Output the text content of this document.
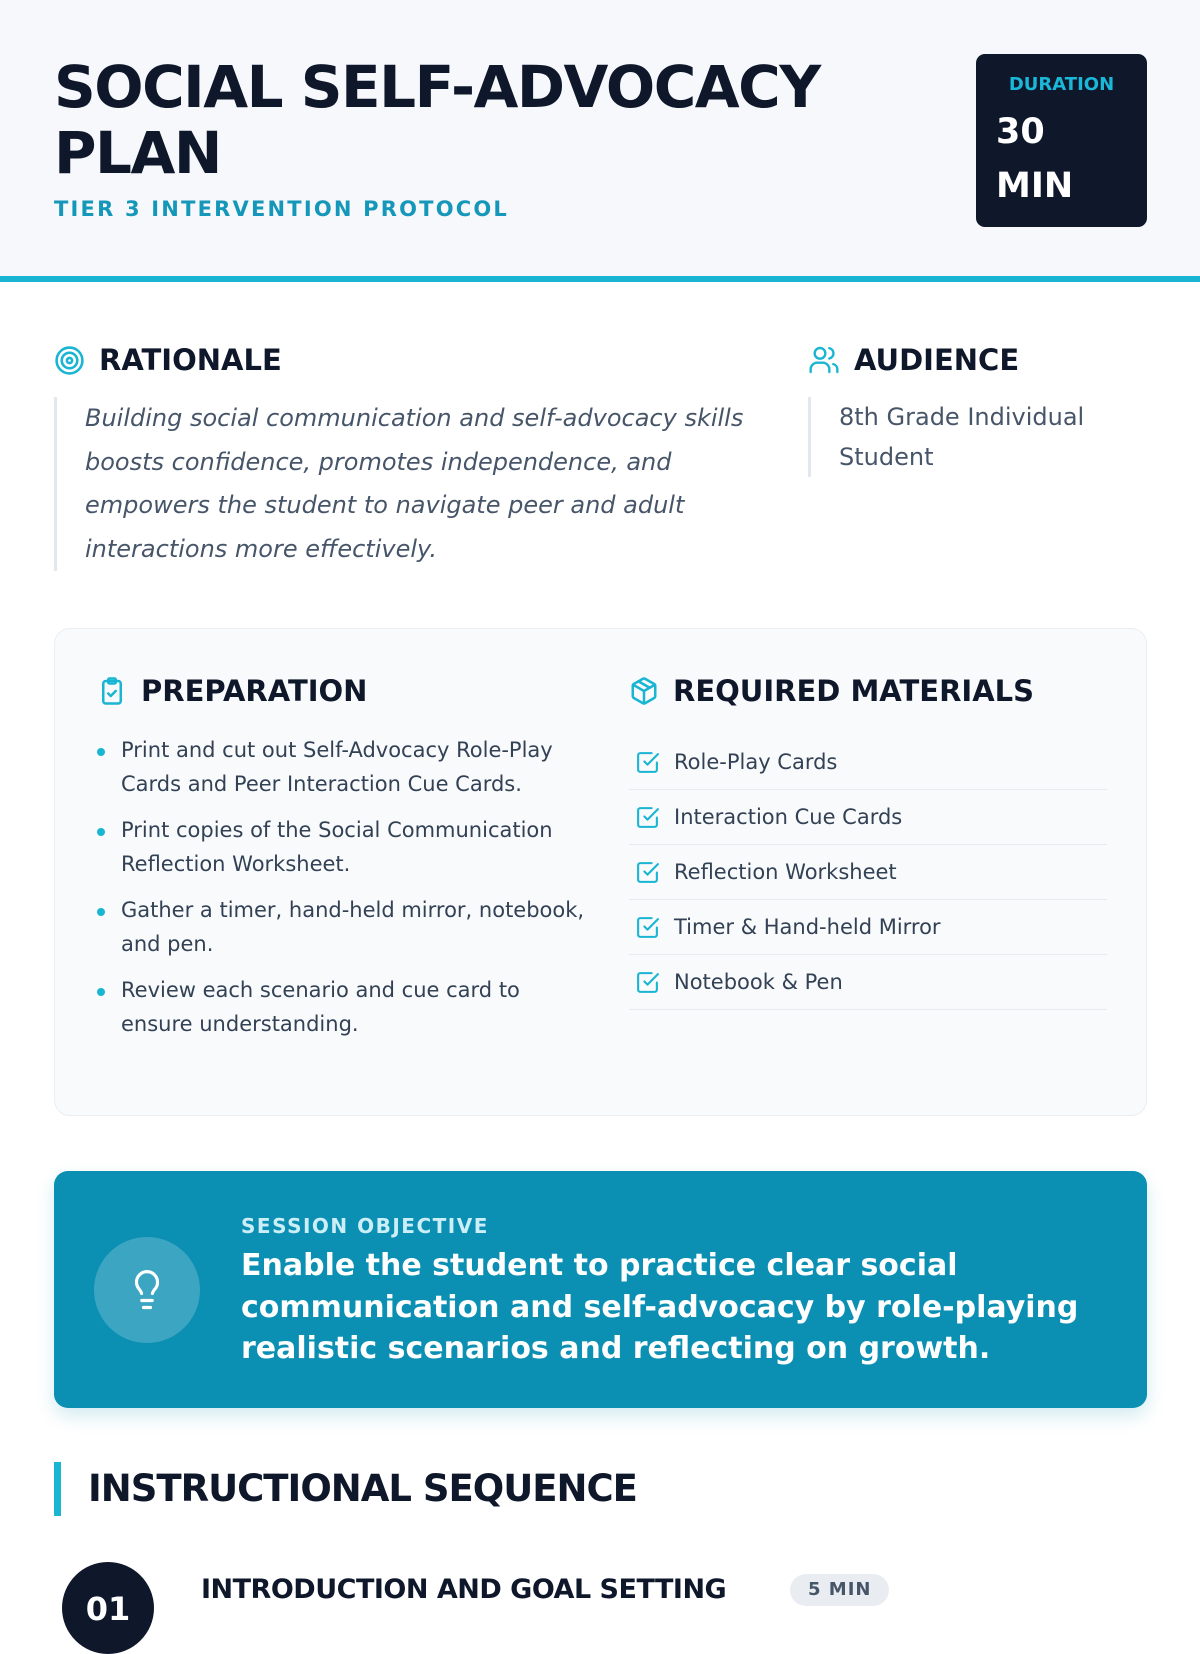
SOCIAL SELF-ADVOCACY PLAN
TIER 3 INTERVENTION PROTOCOL
DURATION
30 MIN
RATIONALE

Building social communication and self-advocacy skills boosts confidence, promotes independence, and empowers the student to navigate peer and adult interactions more effectively.

AUDIENCE

8th Grade Individual Student

PREPARATION
Print and cut out Self-Advocacy Role-Play Cards and Peer Interaction Cue Cards.
Print copies of the Social Communication Reflection Worksheet.
Gather a timer, hand-held mirror, notebook, and pen.
Review each scenario and cue card to ensure understanding.
REQUIRED MATERIALS
Role-Play Cards
Interaction Cue Cards
Reflection Worksheet
Timer & Hand-held Mirror
Notebook & Pen
SESSION OBJECTIVE
Enable the student to practice clear social communication and self-advocacy by role-playing realistic scenarios and reflecting on growth.
INSTRUCTIONAL SEQUENCE
01
INTRODUCTION AND GOAL SETTING	5 MIN
